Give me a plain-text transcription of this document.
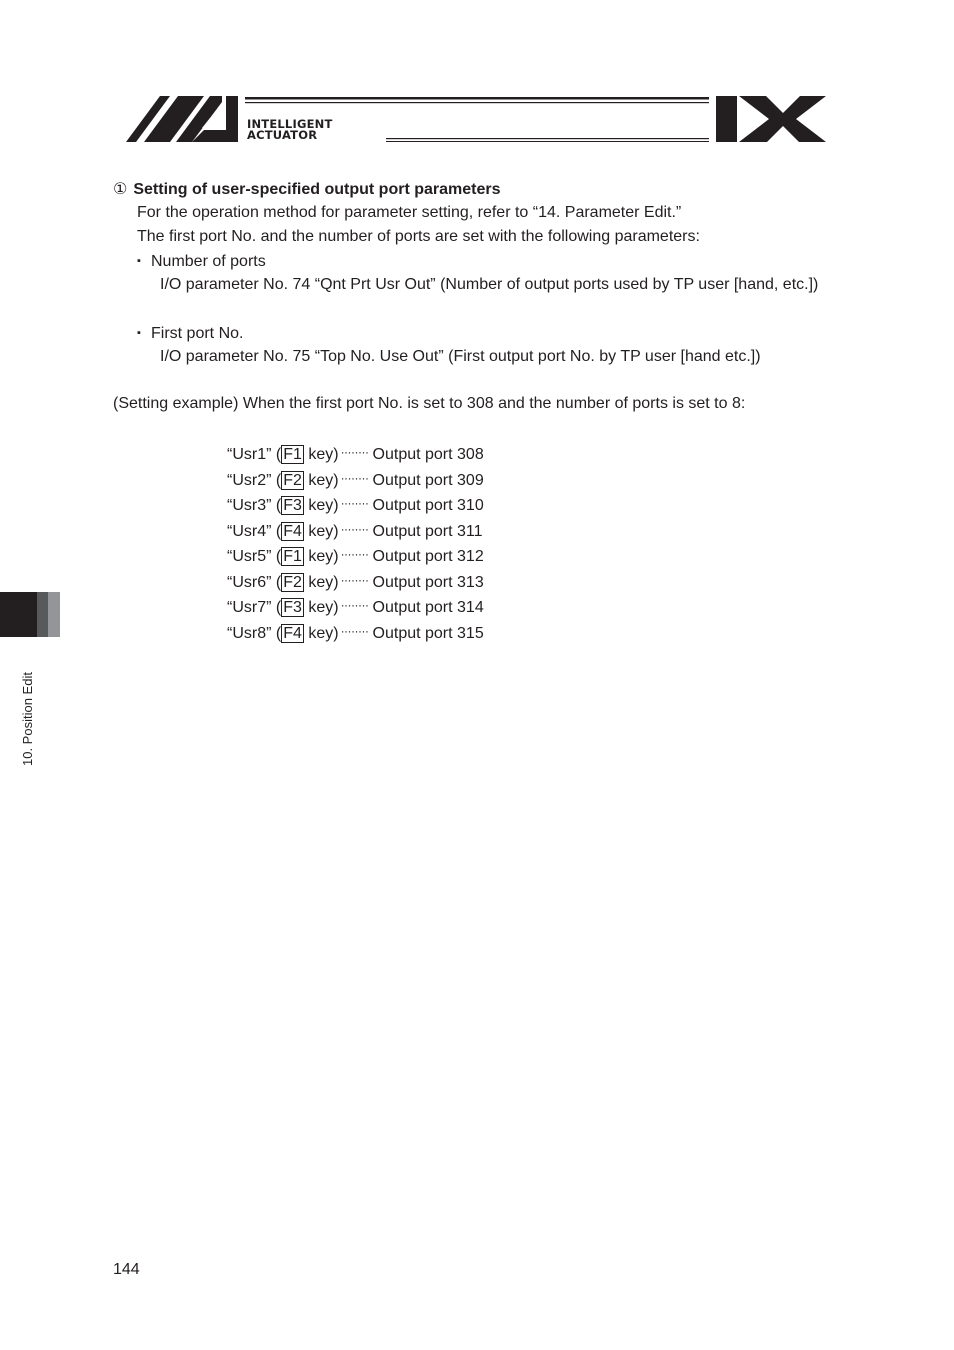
INTELLIGENT
ACTUATOR
① Setting of user-specified output port parameters
For the operation method for parameter setting, refer to “14. Parameter Edit.”
The first port No. and the number of ports are set with the following parameters:
▪ Number of ports
I/O parameter No. 74 “Qnt Prt Usr Out” (Number of output ports used by TP user [hand, etc.])
▪ First port No.
I/O parameter No. 75 “Top No. Use Out” (First output port No. by TP user [hand etc.])
(Setting example) When the first port No. is set to 308 and the number of ports is set to 8:
“Usr1” ( F1 key) ········ Output port 308
“Usr2” ( F2 key) ········ Output port 309
“Usr3” ( F3 key) ········ Output port 310
“Usr4” ( F4 key) ········ Output port 311
“Usr5” ( F1 key) ········ Output port 312
“Usr6” ( F2 key) ········ Output port 313
“Usr7” ( F3 key) ········ Output port 314
“Usr8” ( F4 key) ········ Output port 315
10. Position Edit
144
